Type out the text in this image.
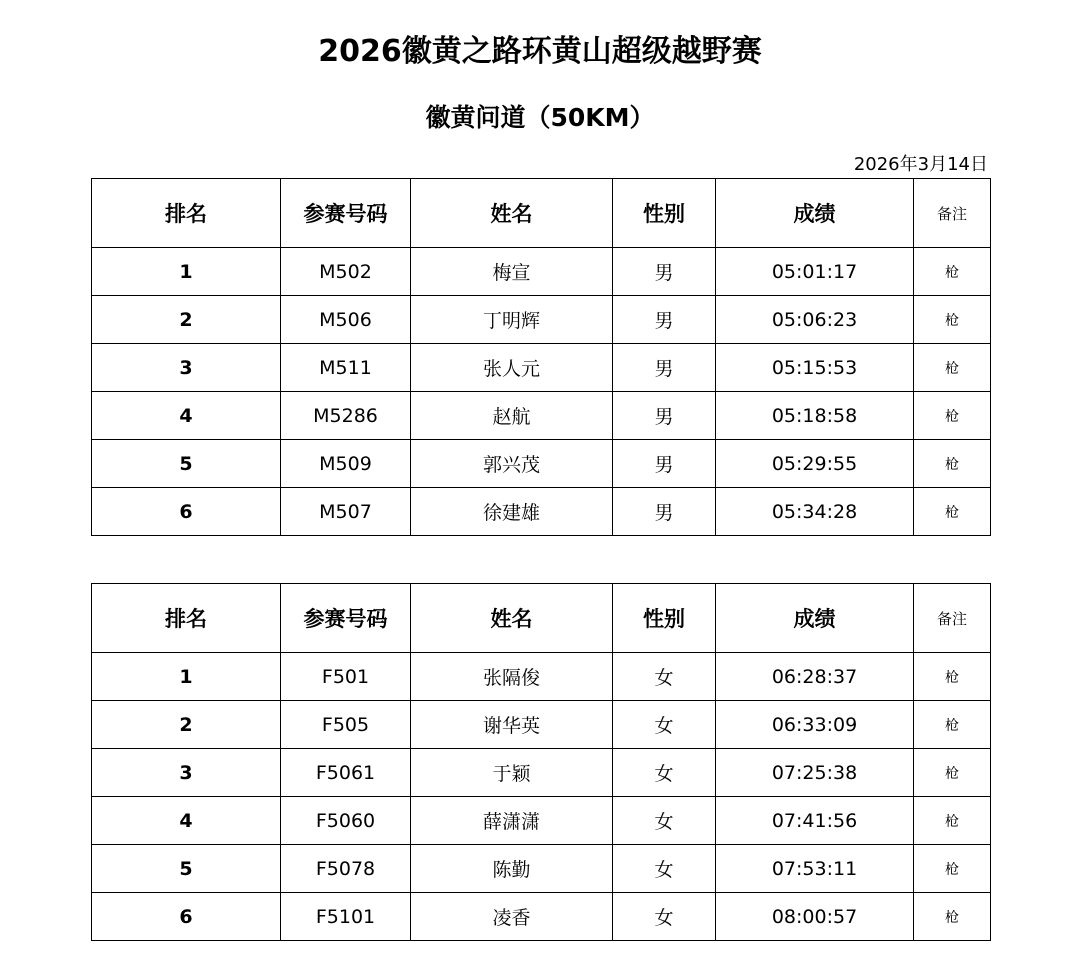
2026徽黄之路环黄山超级越野赛
徽黄问道（50KM）
2026年3月14日
排名	参赛号码	姓名	性别	成绩	备注
1	M502	梅宣	男	05:01:17	枪
2	M506	丁明辉	男	05:06:23	枪
3	M511	张人元	男	05:15:53	枪
4	M5286	赵航	男	05:18:58	枪
5	M509	郭兴茂	男	05:29:55	枪
6	M507	徐建雄	男	05:34:28	枪
排名	参赛号码	姓名	性别	成绩	备注
1	F501	张隔俊	女	06:28:37	枪
2	F505	谢华英	女	06:33:09	枪
3	F5061	于颖	女	07:25:38	枪
4	F5060	薛潇潇	女	07:41:56	枪
5	F5078	陈勤	女	07:53:11	枪
6	F5101	凌香	女	08:00:57	枪
